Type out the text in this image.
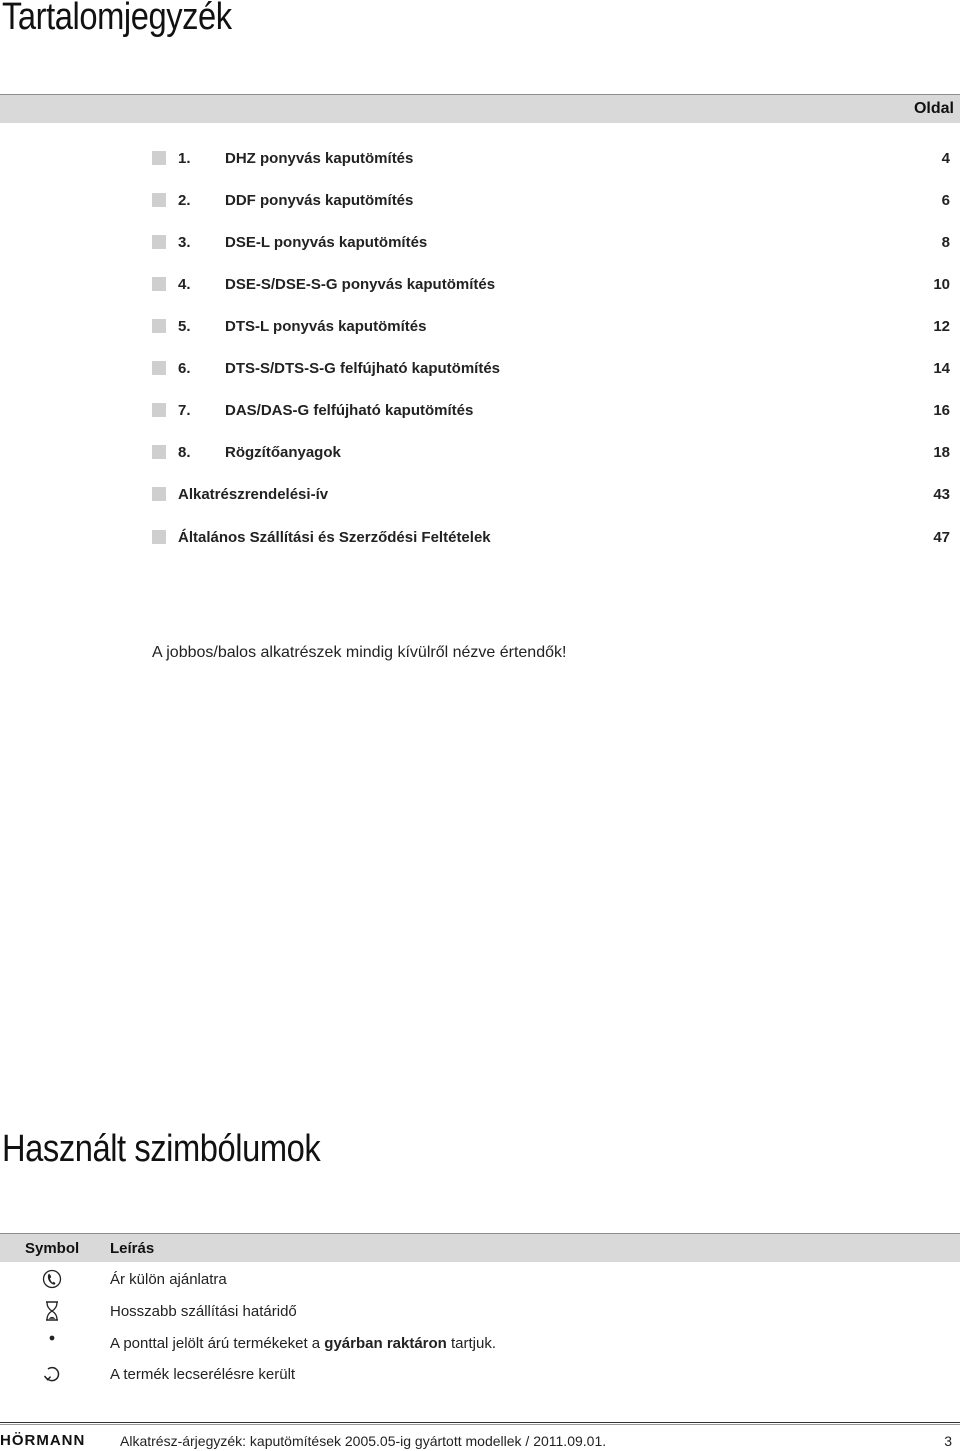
Tartalomjegyzék
Oldal
1. DHZ ponyvás kaputömítés	4
2. DDF ponyvás kaputömítés	6
3. DSE-L ponyvás kaputömítés	8
4. DSE-S/DSE-S-G ponyvás kaputömítés	10
5. DTS-L ponyvás kaputömítés	12
6. DTS-S/DTS-S-G felfújható kaputömítés	14
7. DAS/DAS-G felfújható kaputömítés	16
8. Rögzítőanyagok	18
Alkatrészrendelési-ív	43
Általános Szállítási és Szerződési Feltételek	47
A jobbos/balos alkatrészek mindig kívülről nézve értendők!
Használt szimbólumok
Symbol Leírás
Ár külön ajánlatra
Hosszabb szállítási határidő
A ponttal jelölt árú termékeket a gyárban raktáron tartjuk.
A termék lecserélésre került
HÖRMANN Alkatrész-árjegyzék: kaputömítések 2005.05-ig gyártott modellek / 2011.09.01.	3
